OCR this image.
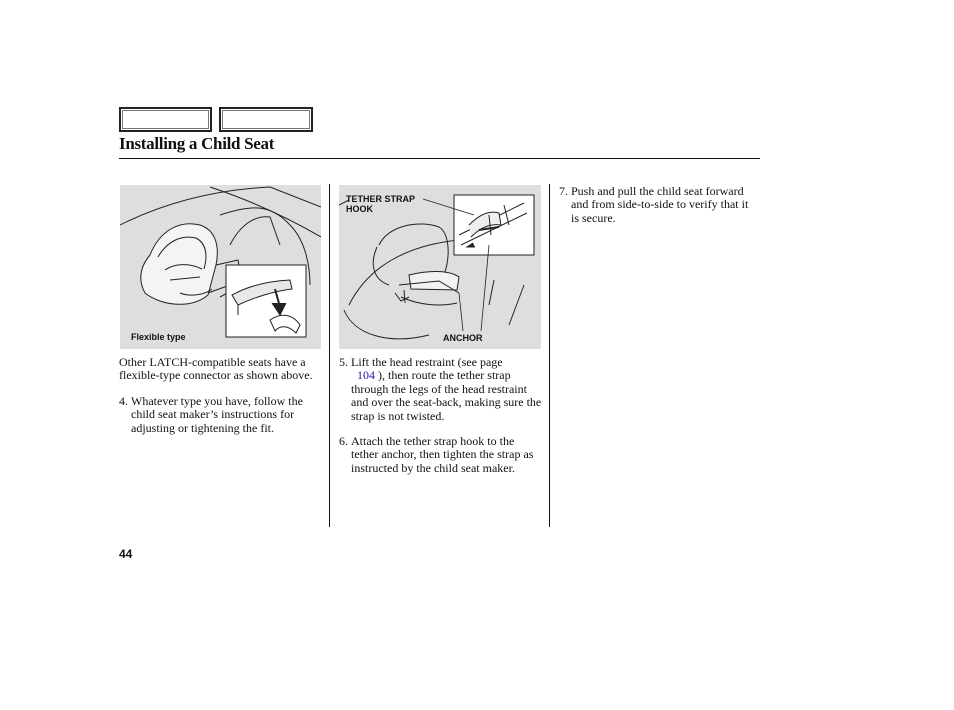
Installing a Child Seat
Flexible type
TETHER STRAP
HOOK
ANCHOR

Other LATCH-compatible seats have a flexible-type connector as shown above.

4. Whatever type you have, follow the child seat maker’s instructions for adjusting or tightening the fit.
5. Lift the head restraint (see page
104 ), then route the tether strap through the legs of the head restraint and over the seat-back, making sure the strap is not twisted.
6. Attach the tether strap hook to the tether anchor, then tighten the strap as instructed by the child seat maker.
7. Push and pull the child seat forward and from side-to-side to verify that it is secure.
44
